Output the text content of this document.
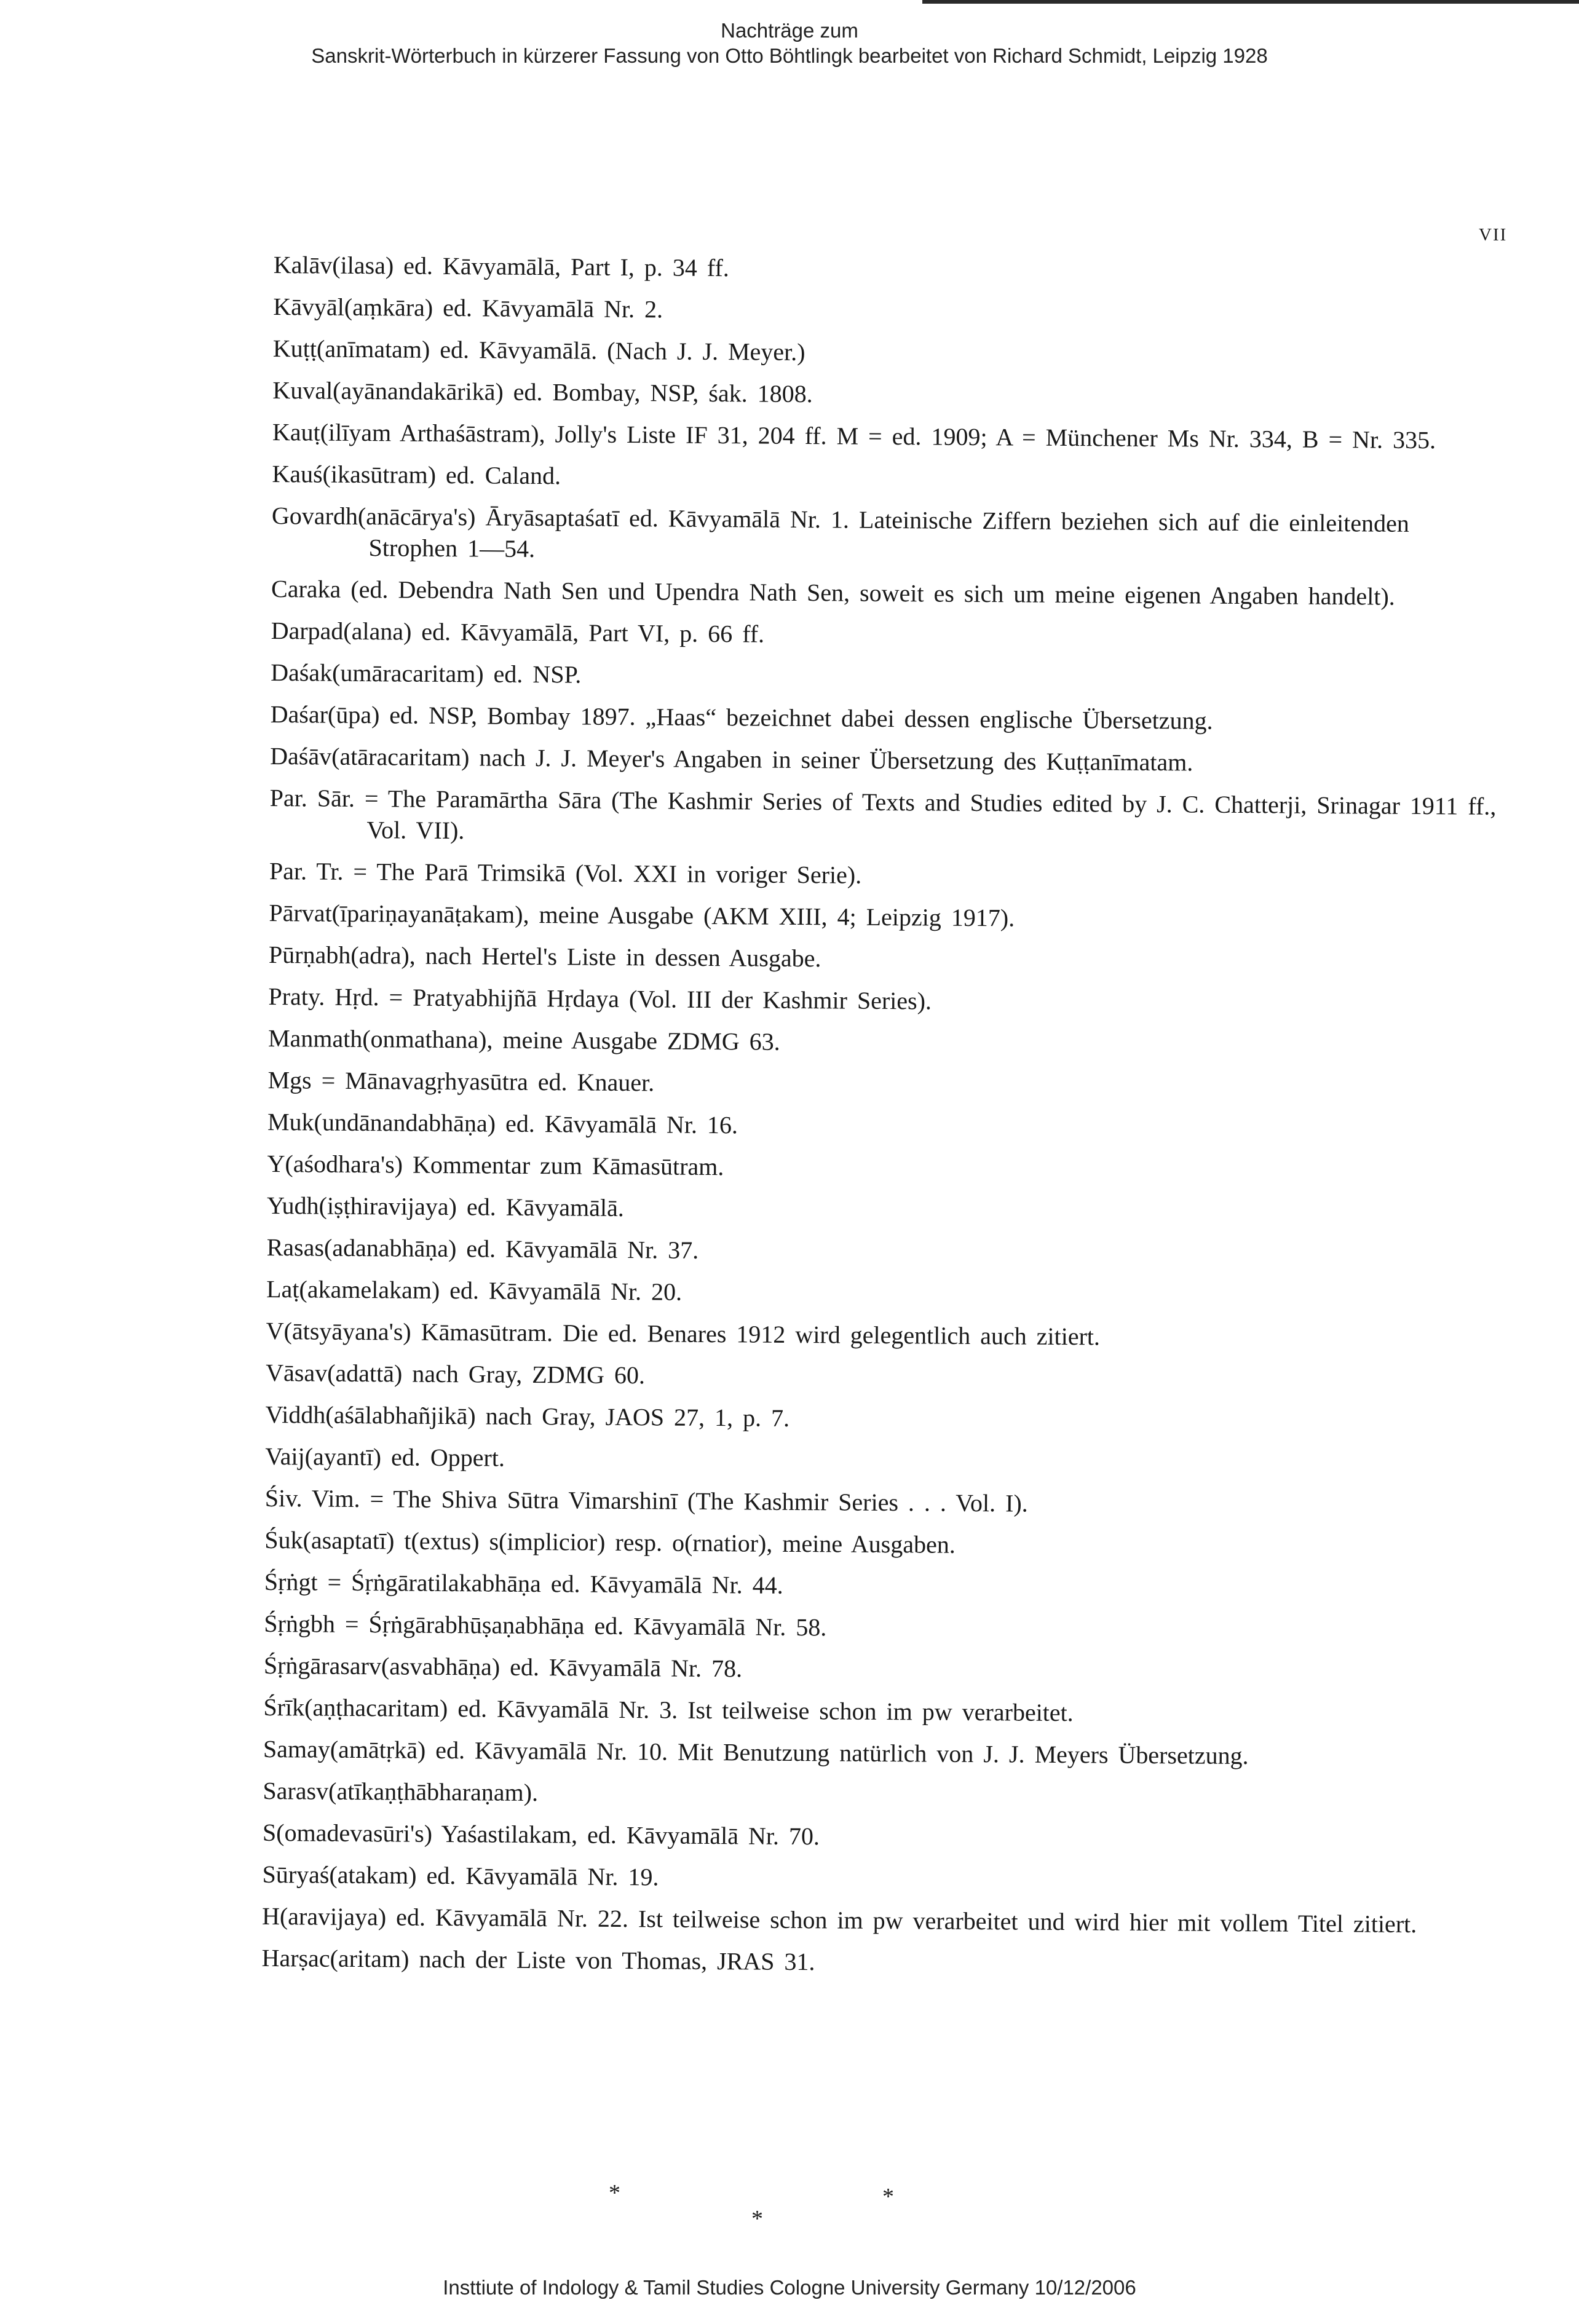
Nachträge zum
Sanskrit-Wörterbuch in kürzerer Fassung von Otto Böhtlingk bearbeitet von Richard Schmidt, Leipzig 1928
VII

Kalāv(ilasa) ed. Kāvyamālā, Part I, p. 34 ff.

Kāvyāl(aṃkāra) ed. Kāvyamālā Nr. 2.

Kuṭṭ(anīmatam) ed. Kāvyamālā. (Nach J. J. Meyer.)

Kuval(ayānandakārikā) ed. Bombay, NSP, śak. 1808.

Kauṭ(ilīyam Arthaśāstram), Jolly's Liste IF 31, 204 ff. M = ed. 1909; A = Münchener Ms Nr. 334, B = Nr. 335.

Kauś(ikasūtram) ed. Caland.

Govardh(anācārya's) Āryāsaptaśatī ed. Kāvyamālā Nr. 1. Lateinische Ziffern beziehen sich auf die einleitenden Strophen 1—54.

Caraka (ed. Debendra Nath Sen und Upendra Nath Sen, soweit es sich um meine eigenen Angaben handelt).

Darpad(alana) ed. Kāvyamālā, Part VI, p. 66 ff.

Daśak(umāracaritam) ed. NSP.

Daśar(ūpa) ed. NSP, Bombay 1897. „Haas“ bezeichnet dabei dessen englische Übersetzung.

Daśāv(atāracaritam) nach J. J. Meyer's Angaben in seiner Übersetzung des Kuṭṭanīmatam.

Par. Sār. = The Paramārtha Sāra (The Kashmir Series of Texts and Studies edited by J. C. Chatterji, Srinagar 1911 ff., Vol. VII).

Par. Tr. = The Parā Trimsikā (Vol. XXI in voriger Serie).

Pārvat(īpariṇayanāṭakam), meine Ausgabe (AKM XIII, 4; Leipzig 1917).

Pūrṇabh(adra), nach Hertel's Liste in dessen Ausgabe.

Praty. Hṛd. = Pratyabhijñā Hṛdaya (Vol. III der Kashmir Series).

Manmath(onmathana), meine Ausgabe ZDMG 63.

Mgs = Mānavagṛhyasūtra ed. Knauer.

Muk(undānandabhāṇa) ed. Kāvyamālā Nr. 16.

Y(aśodhara's) Kommentar zum Kāmasūtram.

Yudh(iṣṭhiravijaya) ed. Kāvyamālā.

Rasas(adanabhāṇa) ed. Kāvyamālā Nr. 37.

Laṭ(akamelakam) ed. Kāvyamālā Nr. 20.

V(ātsyāyana's) Kāmasūtram. Die ed. Benares 1912 wird gelegentlich auch zitiert.

Vāsav(adattā) nach Gray, ZDMG 60.

Viddh(aśālabhañjikā) nach Gray, JAOS 27, 1, p. 7.

Vaij(ayantī) ed. Oppert.

Śiv. Vim. = The Shiva Sūtra Vimarshinī (The Kashmir Series . . . Vol. I).

Śuk(asaptatī) t(extus) s(implicior) resp. o(rnatior), meine Ausgaben.

Śṛṅgt = Śṛṅgāratilakabhāṇa ed. Kāvyamālā Nr. 44.

Śṛṅgbh = Śṛṅgārabhūṣaṇabhāṇa ed. Kāvyamālā Nr. 58.

Śṛṅgārasarv(asvabhāṇa) ed. Kāvyamālā Nr. 78.

Śrīk(aṇṭhacaritam) ed. Kāvyamālā Nr. 3. Ist teilweise schon im pw verarbeitet.

Samay(amātṛkā) ed. Kāvyamālā Nr. 10. Mit Benutzung natürlich von J. J. Meyers Übersetzung.

Sarasv(atīkaṇṭhābharaṇam).

S(omadevasūri's) Yaśastilakam, ed. Kāvyamālā Nr. 70.

Sūryaś(atakam) ed. Kāvyamālā Nr. 19.

H(aravijaya) ed. Kāvyamālā Nr. 22. Ist teilweise schon im pw verarbeitet und wird hier mit vollem Titel zitiert.

Harṣac(aritam) nach der Liste von Thomas, JRAS 31.

*
*
*
Insttiute of Indology & Tamil Studies Cologne University Germany 10/12/2006
